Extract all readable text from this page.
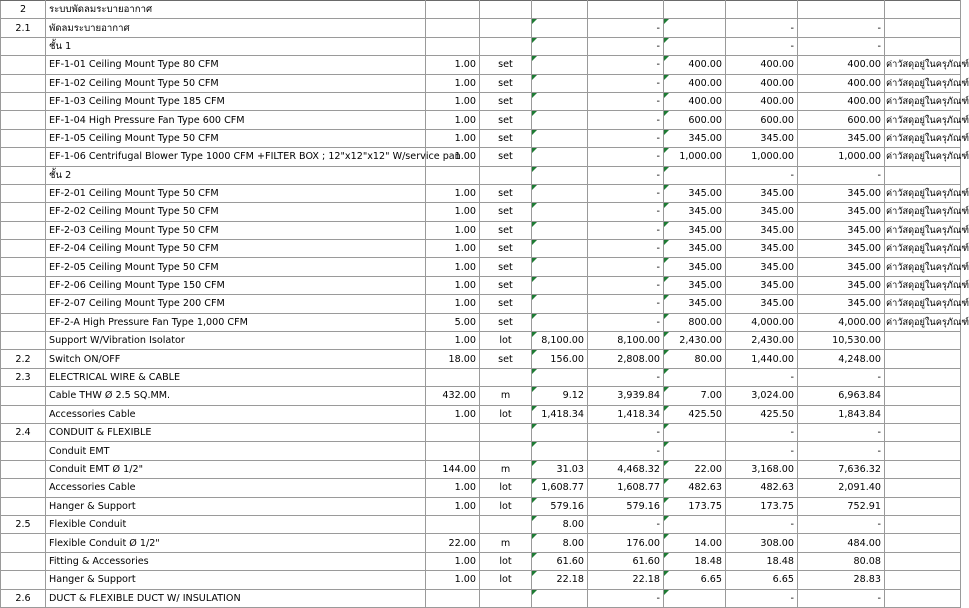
2	ระบบพัดลมระบายอากาศ								
2.1	พัดลมระบายอากาศ				-		-	-	
	ชั้น 1				-		-	-	
	EF-1-01 Ceiling Mount Type 80 CFM	1.00	set		-	400.00	400.00	400.00	ค่าวัสดุอยู่ในครุภัณฑ์
	EF-1-02 Ceiling Mount Type 50 CFM	1.00	set		-	400.00	400.00	400.00	ค่าวัสดุอยู่ในครุภัณฑ์
	EF-1-03 Ceiling Mount Type 185 CFM	1.00	set		-	400.00	400.00	400.00	ค่าวัสดุอยู่ในครุภัณฑ์
	EF-1-04 High Pressure Fan Type 600 CFM	1.00	set		-	600.00	600.00	600.00	ค่าวัสดุอยู่ในครุภัณฑ์
	EF-1-05 Ceiling Mount Type 50 CFM	1.00	set		-	345.00	345.00	345.00	ค่าวัสดุอยู่ในครุภัณฑ์
	EF-1-06 Centrifugal Blower Type 1000 CFM +FILTER BOX ; 12"x12"x12" W/service pan	1.00	set		-	1,000.00	1,000.00	1,000.00	ค่าวัสดุอยู่ในครุภัณฑ์
	ชั้น 2				-		-	-	
	EF-2-01 Ceiling Mount Type 50 CFM	1.00	set		-	345.00	345.00	345.00	ค่าวัสดุอยู่ในครุภัณฑ์
	EF-2-02 Ceiling Mount Type 50 CFM	1.00	set		-	345.00	345.00	345.00	ค่าวัสดุอยู่ในครุภัณฑ์
	EF-2-03 Ceiling Mount Type 50 CFM	1.00	set		-	345.00	345.00	345.00	ค่าวัสดุอยู่ในครุภัณฑ์
	EF-2-04 Ceiling Mount Type 50 CFM	1.00	set		-	345.00	345.00	345.00	ค่าวัสดุอยู่ในครุภัณฑ์
	EF-2-05 Ceiling Mount Type 50 CFM	1.00	set		-	345.00	345.00	345.00	ค่าวัสดุอยู่ในครุภัณฑ์
	EF-2-06 Ceiling Mount Type 150 CFM	1.00	set		-	345.00	345.00	345.00	ค่าวัสดุอยู่ในครุภัณฑ์
	EF-2-07 Ceiling Mount Type 200 CFM	1.00	set		-	345.00	345.00	345.00	ค่าวัสดุอยู่ในครุภัณฑ์
	EF-2-A High Pressure Fan Type 1,000 CFM	5.00	set		-	800.00	4,000.00	4,000.00	ค่าวัสดุอยู่ในครุภัณฑ์
	Support W/Vibration Isolator	1.00	lot	8,100.00	8,100.00	2,430.00	2,430.00	10,530.00	
2.2	Switch ON/OFF	18.00	set	156.00	2,808.00	80.00	1,440.00	4,248.00	
2.3	ELECTRICAL WIRE & CABLE				-		-	-	
	Cable THW Ø 2.5 SQ.MM.	432.00	m	9.12	3,939.84	7.00	3,024.00	6,963.84	
	Accessories Cable	1.00	lot	1,418.34	1,418.34	425.50	425.50	1,843.84	
2.4	CONDUIT & FLEXIBLE				-		-	-	
	Conduit EMT				-		-	-	
	Conduit EMT Ø 1/2"	144.00	m	31.03	4,468.32	22.00	3,168.00	7,636.32	
	Accessories Cable	1.00	lot	1,608.77	1,608.77	482.63	482.63	2,091.40	
	Hanger & Support	1.00	lot	579.16	579.16	173.75	173.75	752.91	
2.5	Flexible Conduit			8.00	-		-	-	
	Flexible Conduit Ø 1/2"	22.00	m	8.00	176.00	14.00	308.00	484.00	
	Fitting & Accessories	1.00	lot	61.60	61.60	18.48	18.48	80.08	
	Hanger & Support	1.00	lot	22.18	22.18	6.65	6.65	28.83	
2.6	DUCT & FLEXIBLE DUCT W/ INSULATION				-		-	-	
